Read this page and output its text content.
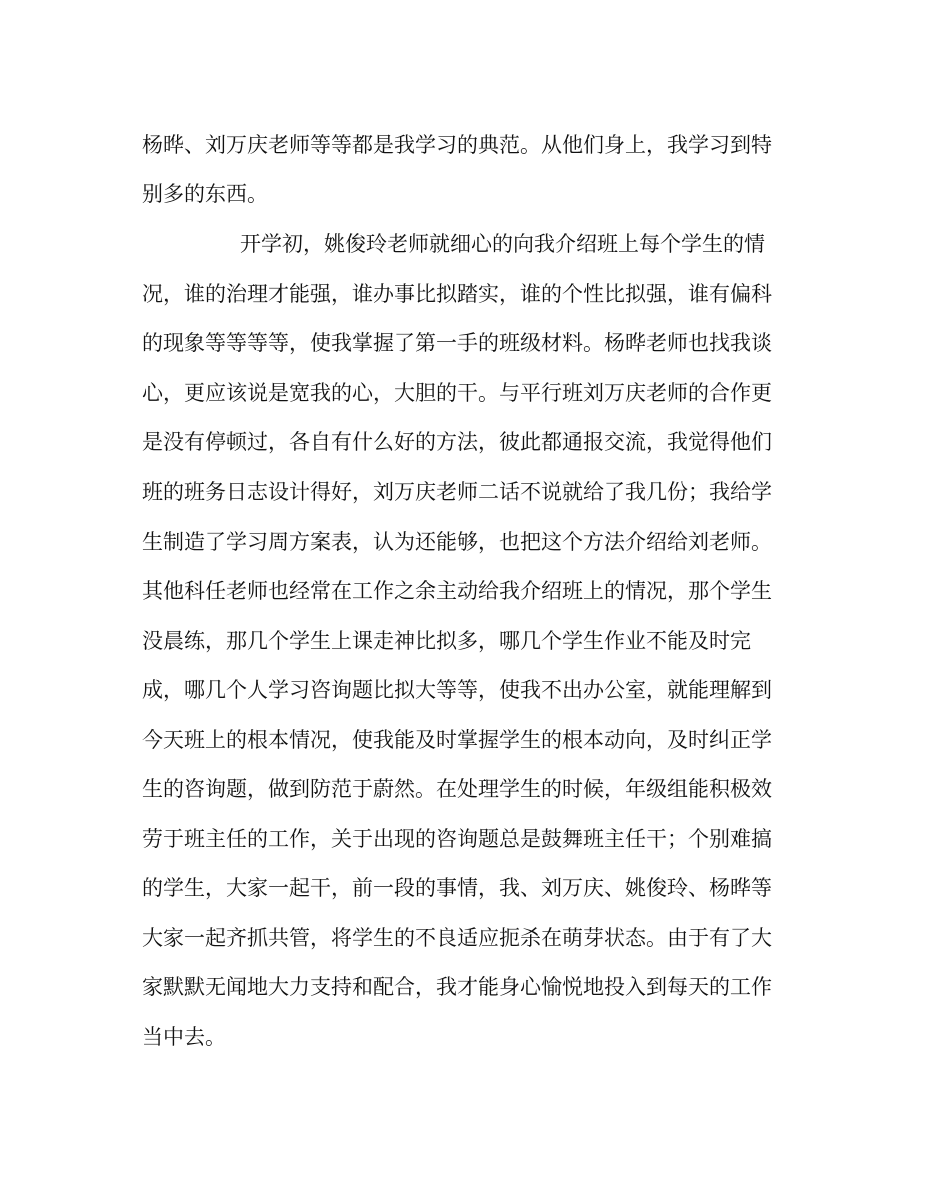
杨晔、刘万庆老师等等都是我学习的典范。从他们身上，我学习到特

别多的东西。

开学初，姚俊玲老师就细心的向我介绍班上每个学生的情

况，谁的治理才能强，谁办事比拟踏实，谁的个性比拟强，谁有偏科

的现象等等等等，使我掌握了第一手的班级材料。杨晔老师也找我谈

心，更应该说是宽我的心，大胆的干。与平行班刘万庆老师的合作更

是没有停顿过，各自有什么好的方法，彼此都通报交流，我觉得他们

班的班务日志设计得好，刘万庆老师二话不说就给了我几份；我给学

生制造了学习周方案表，认为还能够，也把这个方法介绍给刘老师。

其他科任老师也经常在工作之余主动给我介绍班上的情况，那个学生

没晨练，那几个学生上课走神比拟多，哪几个学生作业不能及时完

成，哪几个人学习咨询题比拟大等等，使我不出办公室，就能理解到

今天班上的根本情况，使我能及时掌握学生的根本动向，及时纠正学

生的咨询题，做到防范于蔚然。在处理学生的时候，年级组能积极效

劳于班主任的工作，关于出现的咨询题总是鼓舞班主任干；个别难搞

的学生，大家一起干，前一段的事情，我、刘万庆、姚俊玲、杨晔等

大家一起齐抓共管，将学生的不良适应扼杀在萌芽状态。由于有了大

家默默无闻地大力支持和配合，我才能身心愉悦地投入到每天的工作

当中去。
